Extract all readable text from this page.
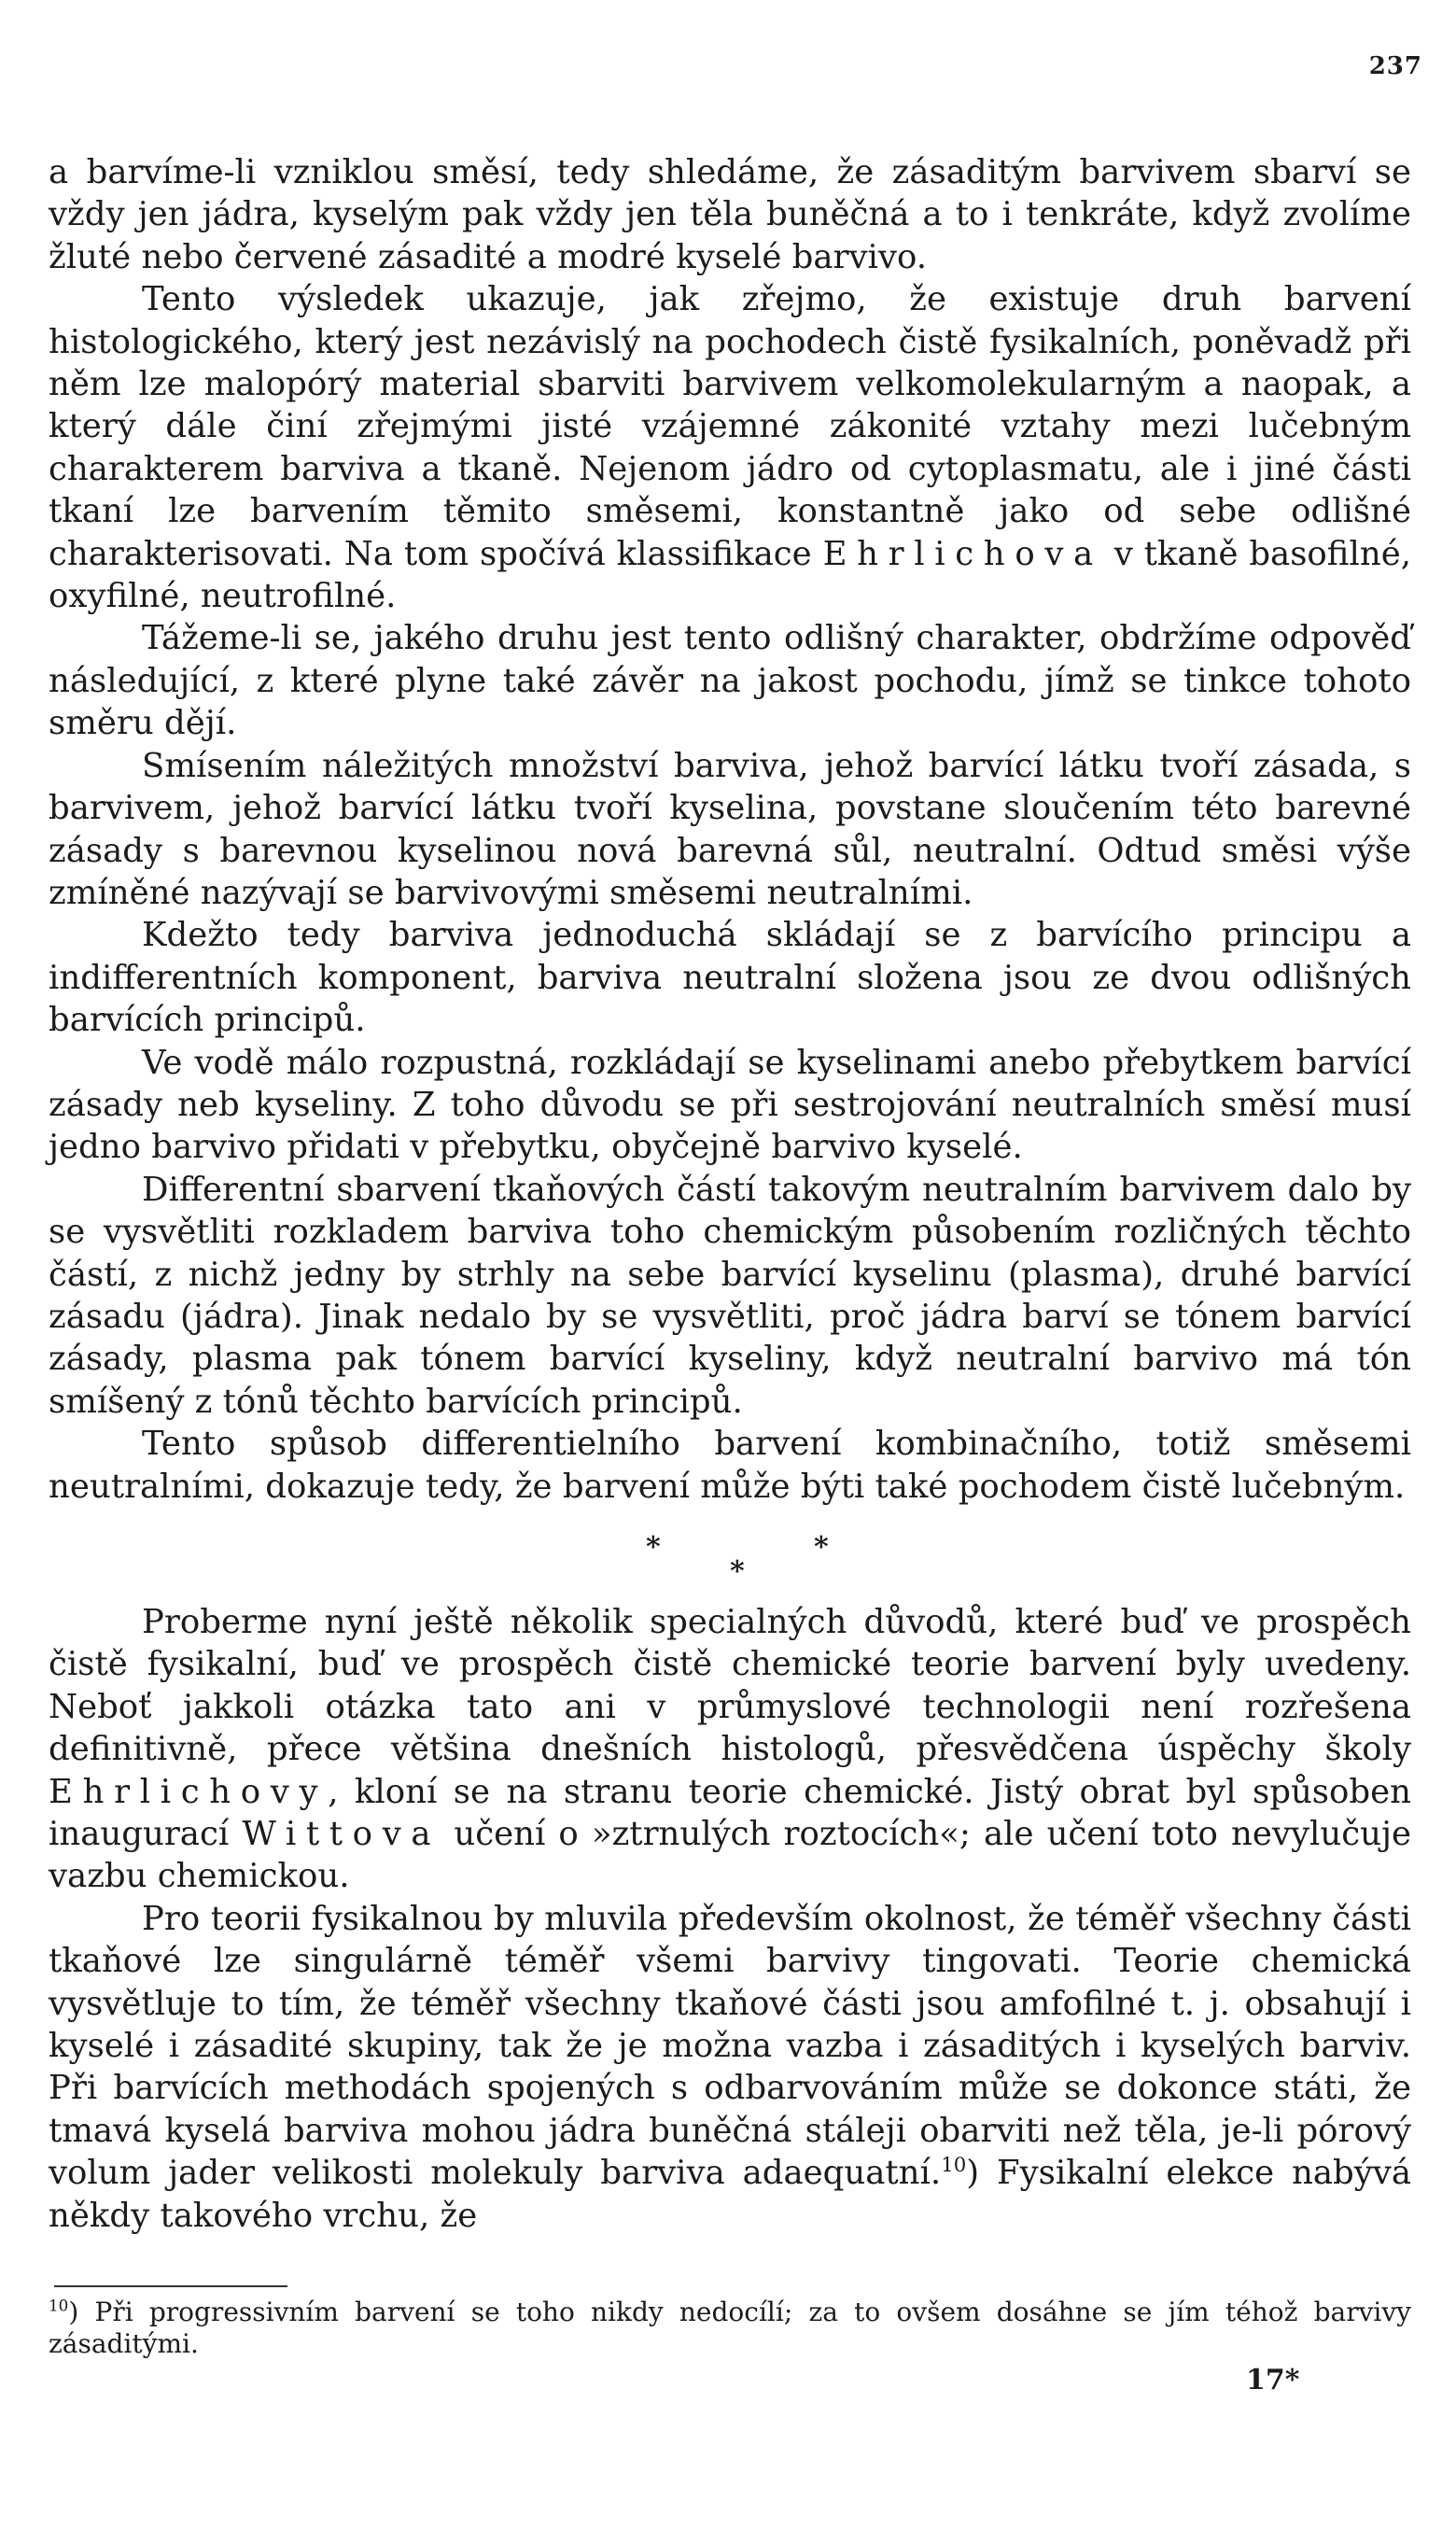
237

a barvíme-li vzniklou směsí, tedy shledáme, že zásaditým barvivem sbarví se vždy jen jádra, kyselým pak vždy jen těla buněčná a to i tenkráte, když zvolíme žluté nebo červené zásadité a modré kyselé barvivo.

Tento výsledek ukazuje, jak zřejmo, že existuje druh barvení histologického, který jest nezávislý na pochodech čistě fysikalních, poněvadž při něm lze malopórý material sbarviti barvivem velkomolekularným a naopak, a který dále činí zřejmými jisté vzájemné zákonité vztahy mezi lučebným charakterem barviva a tkaně. Nejenom jádro od cytoplasmatu, ale i jiné části tkaní lze barvením těmito směsemi, konstantně jako od sebe odlišné charakterisovati. Na tom spočívá klassifikace Ehrlichova v tkaně basofilné, oxyfilné, neutrofilné.

Tážeme-li se, jakého druhu jest tento odlišný charakter, obdržíme odpověď následující, z které plyne také závěr na jakost pochodu, jímž se tinkce tohoto směru dějí.

Smísením náležitých množství barviva, jehož barvící látku tvoří zásada, s barvivem, jehož barvící látku tvoří kyselina, povstane sloučením této barevné zásady s barevnou kyselinou nová barevná sůl, neutralní. Odtud směsi výše zmíněné nazývají se barvivovými směsemi neutralními.

Kdežto tedy barviva jednoduchá skládají se z barvícího principu a indifferentních komponent, barviva neutralní složena jsou ze dvou odlišných barvících principů.

Ve vodě málo rozpustná, rozkládají se kyselinami anebo přebytkem barvící zásady neb kyseliny. Z toho důvodu se při sestrojování neutralních směsí musí jedno barvivo přidati v přebytku, obyčejně barvivo kyselé.

Differentní sbarvení tkaňových částí takovým neutralním barvivem dalo by se vysvětliti rozkladem barviva toho chemickým působením rozličných těchto částí, z nichž jedny by strhly na sebe barvící kyselinu (plasma), druhé barvící zásadu (jádra). Jinak nedalo by se vysvětliti, proč jádra barví se tónem barvící zásady, plasma pak tónem barvící kyseliny, když neutralní barvivo má tón smíšený z tónů těchto barvících principů.

Tento spůsob differentielního barvení kombinačního, totiž směsemi neutralními, dokazuje tedy, že barvení může býti také pochodem čistě lučebným.

*
*
*

Proberme nyní ještě několik specialných důvodů, které buď ve prospěch čistě fysikalní, buď ve prospěch čistě chemické teorie barvení byly uvedeny. Neboť jakkoli otázka tato ani v průmyslové technologii není rozřešena definitivně, přece většina dnešních histologů, přesvědčena úspěchy školy Ehrlichovy, kloní se na stranu teorie chemické. Jistý obrat byl spůsoben inaugurací Wittova učení o »ztrnulých roztocích«; ale učení toto nevylučuje vazbu chemickou.

Pro teorii fysikalnou by mluvila především okolnost, že téměř všechny části tkaňové lze singulárně téměř všemi barvivy tingovati. Teorie chemická vysvětluje to tím, že téměř všechny tkaňové části jsou amfofilné t. j. obsahují i kyselé i zásadité skupiny, tak že je možna vazba i zásaditých i kyselých barviv. Při barvících methodách spojených s odbarvováním může se dokonce státi, že tmavá kyselá barviva mohou jádra buněčná stáleji obarviti než těla, je-li pórový volum jader velikosti molekuly barviva adaequatní.$^{10}$) Fysikalní elekce nabývá někdy takového vrchu, že

$^{10}$) Při progressivním barvení se toho nikdy nedocílí; za to ovšem dosáhne se jím téhož barvivy zásaditými.
17*
